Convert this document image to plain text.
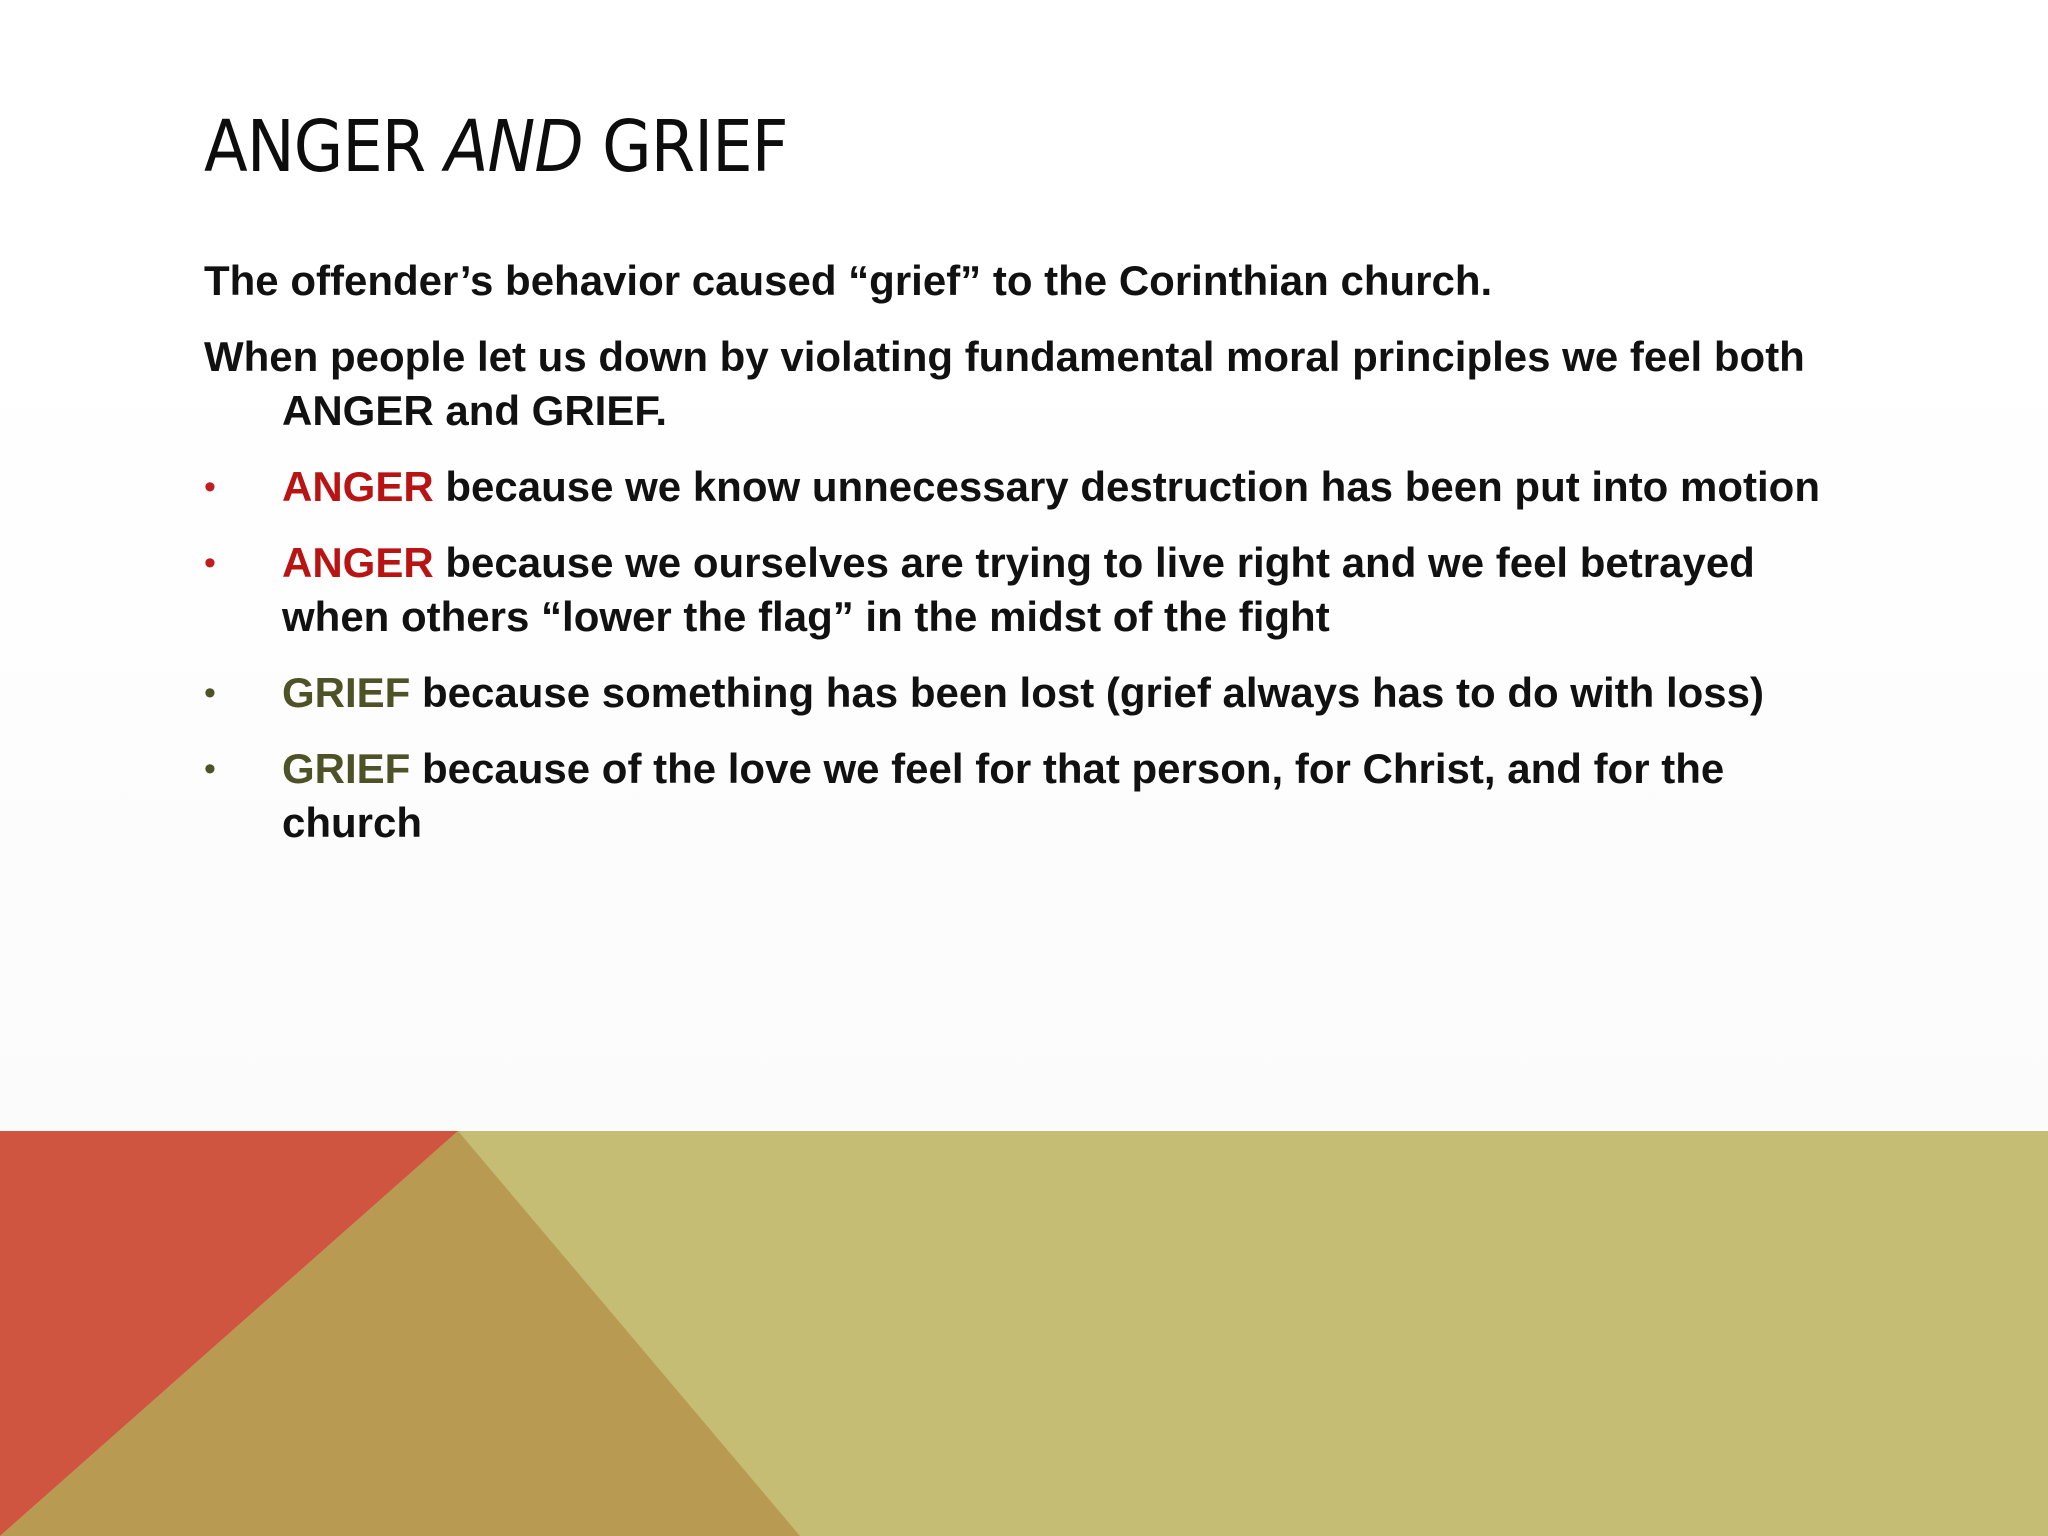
ANGER AND GRIEF

The offender’s behavior caused “grief” to the Corinthian church.

When people let us down by violating fundamental moral principles we feel both ANGER and GRIEF.

• ANGER because we know unnecessary destruction has been put into motion
• ANGER because we ourselves are trying to live right and we feel betrayed when others “lower the flag” in the midst of the fight
• GRIEF because something has been lost (grief always has to do with loss)
• GRIEF because of the love we feel for that person, for Christ, and for the church
